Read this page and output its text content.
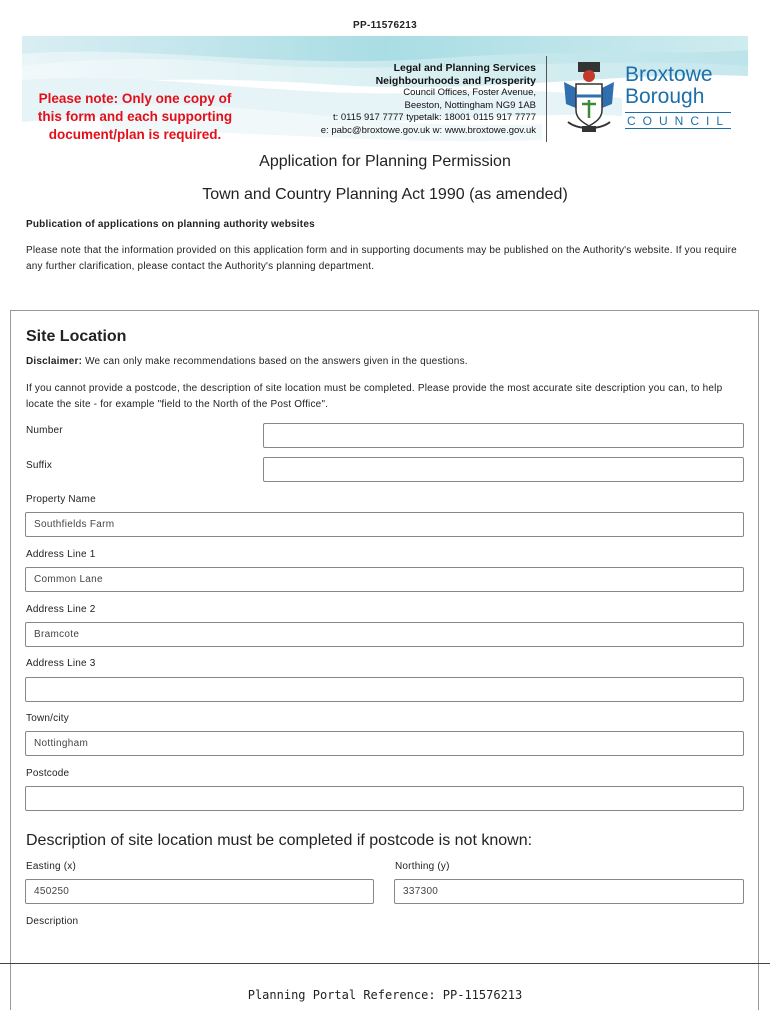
PP-11576213
Please note: Only one copy of this form and each supporting document/plan is required.
Legal and Planning Services
Neighbourhoods and Prosperity
Council Offices, Foster Avenue,
Beeston, Nottingham NG9 1AB
t: 0115 917 7777 typetalk: 18001 0115 917 7777
e: pabc@broxtowe.gov.uk w: www.broxtowe.gov.uk
Broxtowe
Borough
COUNCIL
Application for Planning Permission
Town and Country Planning Act 1990 (as amended)
Publication of applications on planning authority websites
Please note that the information provided on this application form and in supporting documents may be published on the Authority's website. If you require any further clarification, please contact the Authority's planning department.
Site Location
Disclaimer: We can only make recommendations based on the answers given in the questions.
If you cannot provide a postcode, the description of site location must be completed. Please provide the most accurate site description you can, to help locate the site - for example "field to the North of the Post Office".
Number
Suffix
Property Name
Southfields Farm
Address Line 1
Common Lane
Address Line 2
Bramcote
Address Line 3
Town/city
Nottingham
Postcode
Description of site location must be completed if postcode is not known:
Easting (x)
450250
Northing (y)
337300
Description
Planning Portal Reference: PP-11576213
